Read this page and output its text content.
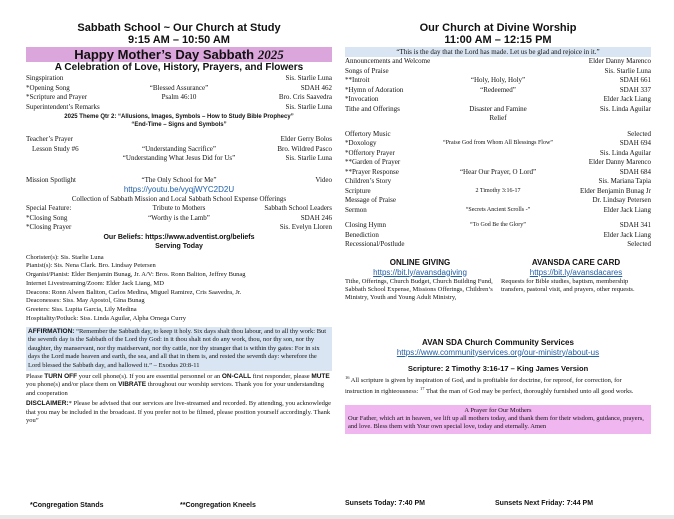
Sabbath School ~ Our Church at Study
9:15 AM – 10:50 AM
Happy Mother’s Day Sabbath 2025
A Celebration of Love, History, Prayers, and Flowers
Singspiration	Sis. Starlie Luna
*Opening Song	“Blessed Assurance”	SDAH 462
*Scripture and Prayer	Psalm 46:10	Bro. Cris Saavedra
Superintendent’s Remarks	Sis. Starlie Luna
2025 Theme Qtr 2: “Allusions, Images, Symbols – How to Study Bible Prophecy”
“End-Time – Signs and Symbols”
Teacher’s Prayer	Elder Gerry Bolos
Lesson Study #6	“Understanding Sacrifice”	Bro. Wildred Pasco
“Understanding What Jesus Did for Us”	Sis. Starlie Luna
Mission Spotlight	“The Only School for Me”	Video
https://youtu.be/vyqjWYC2D2U
Collection of Sabbath Mission and Local Sabbath School Expense Offerings
Special Feature:	Tribute to Mothers	Sabbath School Leaders
*Closing Song	“Worthy is the Lamb”	SDAH 246
*Closing Prayer	Sis. Evelyn Lloren
Our Beliefs: https://www.adventist.org/beliefs
Serving Today
Chorister(s): Sis. Starlie Luna
Pianist(s): Sis. Nena Clark. Bro. Lindsay Petersen
Organist/Pianist: Elder Benjamin Bunag, Jr. A/V: Bros. Ronn Baliton, Jeffrey Bunag
Internet Livestreaming/Zoom: Elder Jack Liang, MD
Deacons: Ronn Alwen Baliton, Carlos Medina, Miguel Ramirez, Cris Saavedra, Jr.
Deaconesses: Siss. May Apostol, Gina Bunag
Greeters: Siss. Lupita Garcia, Lily Medina
Hospitality/Potluck: Siss. Linda Aguilar, Alpha Ornega Curry
AFFIRMATION: “Remember the Sabbath day, to keep it holy. Six days shalt thou labour, and to all thy work: But the seventh day is the Sabbath of the Lord thy God: in it thou shalt not do any work, thou, nor thy son, nor thy daughter, thy manservant, nor thy maidservant, nor thy cattle, nor thy stranger that is within thy gates: For in six days the Lord made heaven and earth, the sea, and all that in them is, and rested the seventh day: wherefore the Lord blessed the Sabbath day, and hallowed it.” – Exodus 20:8-11
Please TURN OFF your cell phone(s). If you are essential personnel or an ON-CALL first responder, please MUTE you phone(s) and/or place them on VIBRATE throughout our worship services. Thank you for your understanding and cooperation
DISCLAIMER:* Please be advised that our services are live-streamed and recorded. By attending, you acknowledge that you may be included in the broadcast. If you prefer not to be filmed, please position yourself accordingly. Thank you”
*Congregation Stands	**Congregation Kneels
Our Church at Divine Worship
11:00 AM – 12:15 PM
“This is the day that the Lord has made. Let us be glad and rejoice in it.”
Announcements and Welcome	Elder Danny Marenco
Songs of Praise	Sis. Starlie Luna
**Introit	“Holy, Holy, Holy”	SDAH 661
*Hymn of Adoration	“Redeemed”	SDAH 337
*Invocation	Elder Jack Liang
Tithe and Offerings	Disaster and Famine	Sis. Linda Aguilar
Relief
Offertory Music	Selected
*Doxology	“Praise God from Whom All Blessings Flow”	SDAH 694
*Offertory Prayer	Sis. Linda Aguilar
**Garden of Prayer	Elder Danny Marenco
**Prayer Response	“Hear Our Prayer, O Lord”	SDAH 684
Children’s Story	Sis. Mariana Tapia
Scripture	2 Timothy 3:16-17	Elder Benjamin Bunag Jr
Message of Praise	Dr. Lindsay Petersen
Sermon	“Secrets Ancient Scrolls -”	Elder Jack Liang
Closing Hymn	“To God Be the Glory”	SDAH 341
Benediction	Elder Jack Liang
Recessional/Postlude	Selected
ONLINE GIVING
https://bit.ly/avansdagiving
Tithe, Offerings, Church Budget, Church Building Fund, Sabbath School Expense, Missions Offerings, Children’s Ministry, Youth and Young Adult Ministry,
AVANSDA CARE CARD
https://bit.ly/avansdacares
Requests for Bible studies, baptism, membership transfers, pastoral visit, and prayers, other requests.
AVAN SDA Church Community Services
https://www.communityservices.org/our-ministry/about-us
Scripture: 2 Timothy 3:16-17 – King James Version
$^{16}$ All scripture is given by inspiration of God, and is profitable for doctrine, for reproof, for correction, for instruction in righteousness: $^{17}$ That the man of God may be perfect, thoroughly furnished unto all good works.
A Prayer for Our Mothers
Our Father, which art in heaven, we lift up all mothers today, and thank them for their wisdom, guidance, prayers, and love. Bless them with Your own special love, today and eternally. Amen
Sunsets Today: 7:40 PM	Sunsets Next Friday: 7:44 PM
